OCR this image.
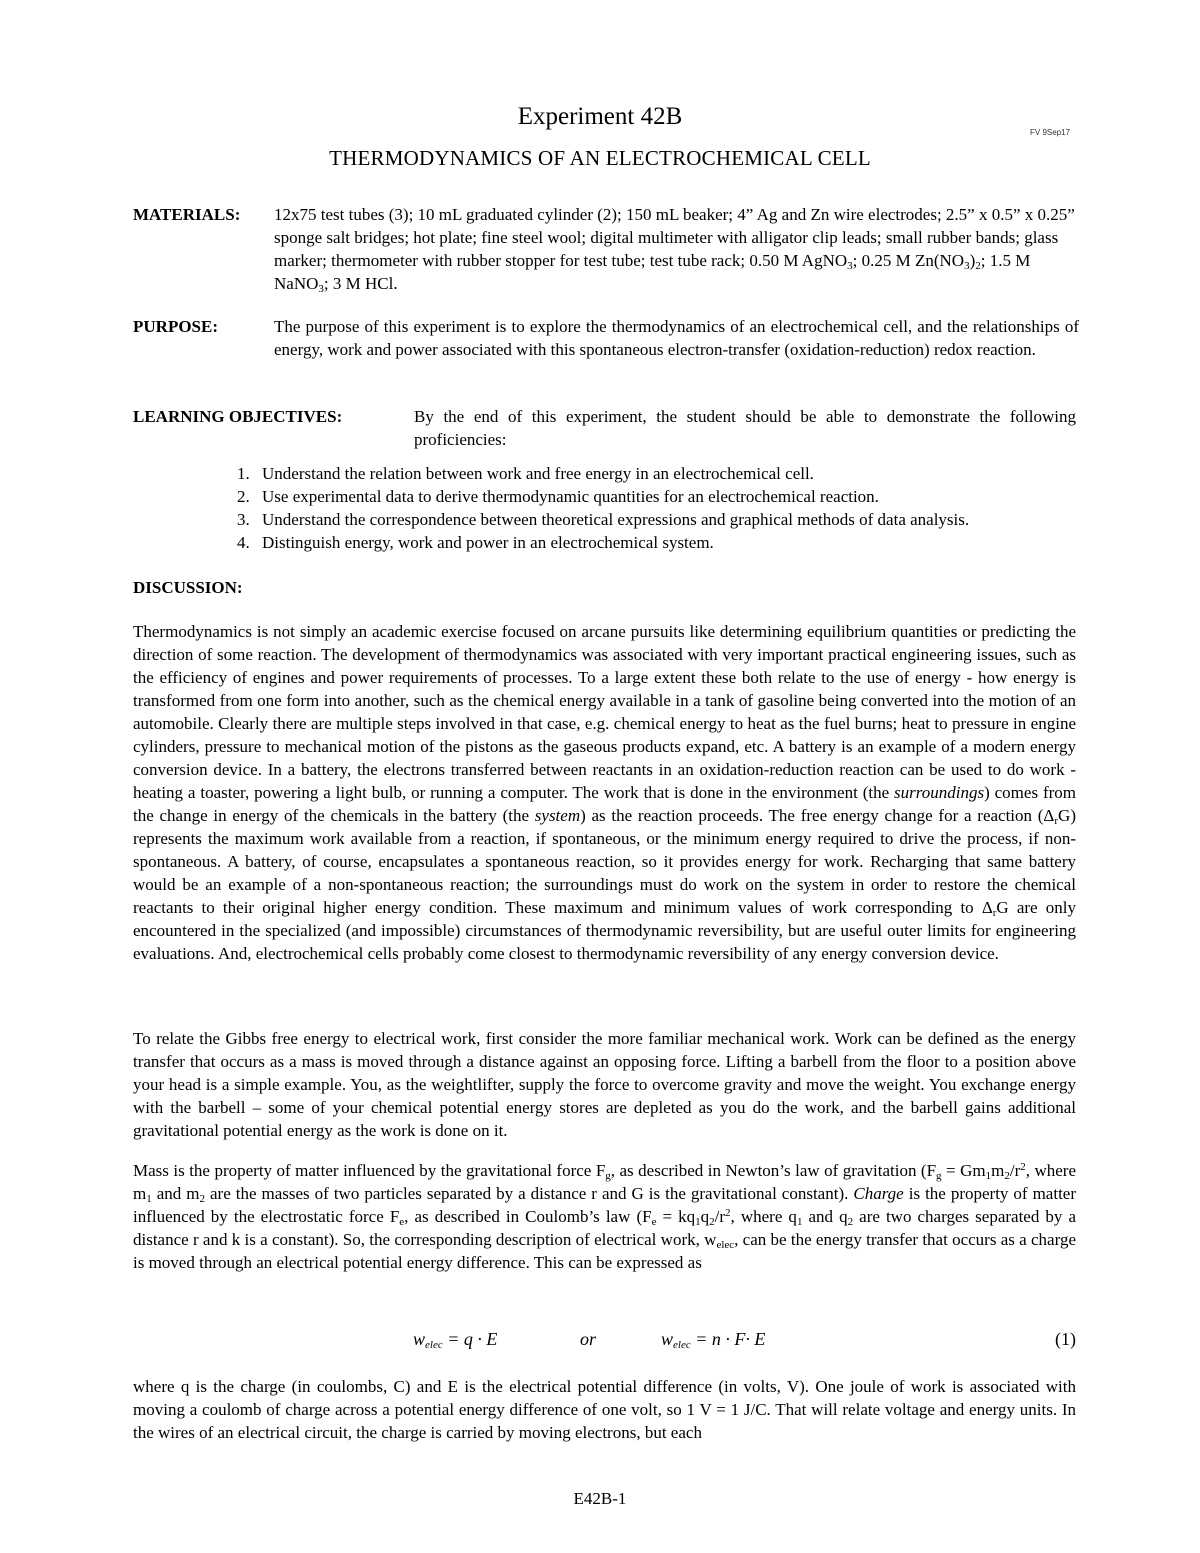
Experiment 42B
FV 9Sep17
THERMODYNAMICS OF AN ELECTROCHEMICAL CELL
MATERIALS: 12x75 test tubes (3); 10 mL graduated cylinder (2); 150 mL beaker; 4” Ag and Zn wire electrodes; 2.5” x 0.5” x 0.25” sponge salt bridges; hot plate; fine steel wool; digital multimeter with alligator clip leads; small rubber bands; glass marker; thermometer with rubber stopper for test tube; test tube rack; 0.50 M AgNO$_3$; 0.25 M $Zn(NO_3)_2$; 1.5 M NaNO$_3$; 3 M HCl.
PURPOSE:	The purpose of this experiment is to explore the thermodynamics of an electrochemical cell, and the relationships of energy, work and power associated with this spontaneous electron-transfer (oxidation-reduction) redox reaction.
LEARNING OBJECTIVES:	By the end of this experiment, the student should be able to demonstrate the following proficiencies:
1. Understand the relation between work and free energy in an electrochemical cell.
2. Use experimental data to derive thermodynamic quantities for an electrochemical reaction.
3. Understand the correspondence between theoretical expressions and graphical methods of data analysis.
4. Distinguish energy, work and power in an electrochemical system.
DISCUSSION:

Thermodynamics is not simply an academic exercise focused on arcane pursuits like determining equilibrium quantities or predicting the direction of some reaction. The development of thermodynamics was associated with very important practical engineering issues, such as the efficiency of engines and power requirements of processes. To a large extent these both relate to the use of energy - how energy is transformed from one form into another, such as the chemical energy available in a tank of gasoline being converted into the motion of an automobile. Clearly there are multiple steps involved in that case, e.g. chemical energy to heat as the fuel burns; heat to pressure in engine cylinders, pressure to mechanical motion of the pistons as the gaseous products expand, etc. A battery is an example of a modern energy conversion device. In a battery, the electrons transferred between reactants in an oxidation-reduction reaction can be used to do work - heating a toaster, powering a light bulb, or running a computer. The work that is done in the environment (the surroundings) comes from the change in energy of the chemicals in the battery (the system) as the reaction proceeds. The free energy change for a reaction $(\Delta_rG)$ represents the maximum work available from a reaction, if spontaneous, or the minimum energy required to drive the process, if non-spontaneous. A battery, of course, encapsulates a spontaneous reaction, so it provides energy for work. Recharging that same battery would be an example of a non-spontaneous reaction; the surroundings must do work on the system in order to restore the chemical reactants to their original higher energy condition. These maximum and minimum values of work corresponding to $\Delta_rG$ are only encountered in the specialized (and impossible) circumstances of thermodynamic reversibility, but are useful outer limits for engineering evaluations. And, electrochemical cells probably come closest to thermodynamic reversibility of any energy conversion device.

To relate the Gibbs free energy to electrical work, first consider the more familiar mechanical work. Work can be defined as the energy transfer that occurs as a mass is moved through a distance against an opposing force. Lifting a barbell from the floor to a position above your head is a simple example. You, as the weightlifter, supply the force to overcome gravity and move the weight. You exchange energy with the barbell – some of your chemical potential energy stores are depleted as you do the work, and the barbell gains additional gravitational potential energy as the work is done on it.

Mass is the property of matter influenced by the gravitational force $F_g$, as described in Newton’s law of gravitation ($F_g = Gm_1m_2/r^2$, where $m_1$ and $m_2$ are the masses of two particles separated by a distance r and G is the gravitational constant). Charge is the property of matter influenced by the electrostatic force $F_e$, as described in Coulomb’s law ($F_e = kq_1q_2/r^2$, where $q_1$ and $q_2$ are two charges separated by a distance r and k is a constant). So, the corresponding description of electrical work, $w_{elec}$, can be the energy transfer that occurs as a charge is moved through an electrical potential energy difference. This can be expressed as

$w_{elec} = q \cdot E$	or	$w_{elec} = n \cdot F\cdot E$	(1)

where q is the charge (in coulombs, C) and E is the electrical potential difference (in volts, V). One joule of work is associated with moving a coulomb of charge across a potential energy difference of one volt, so 1 V = 1 J/C. That will relate voltage and energy units. In the wires of an electrical circuit, the charge is carried by moving electrons, but each

E42B-1
